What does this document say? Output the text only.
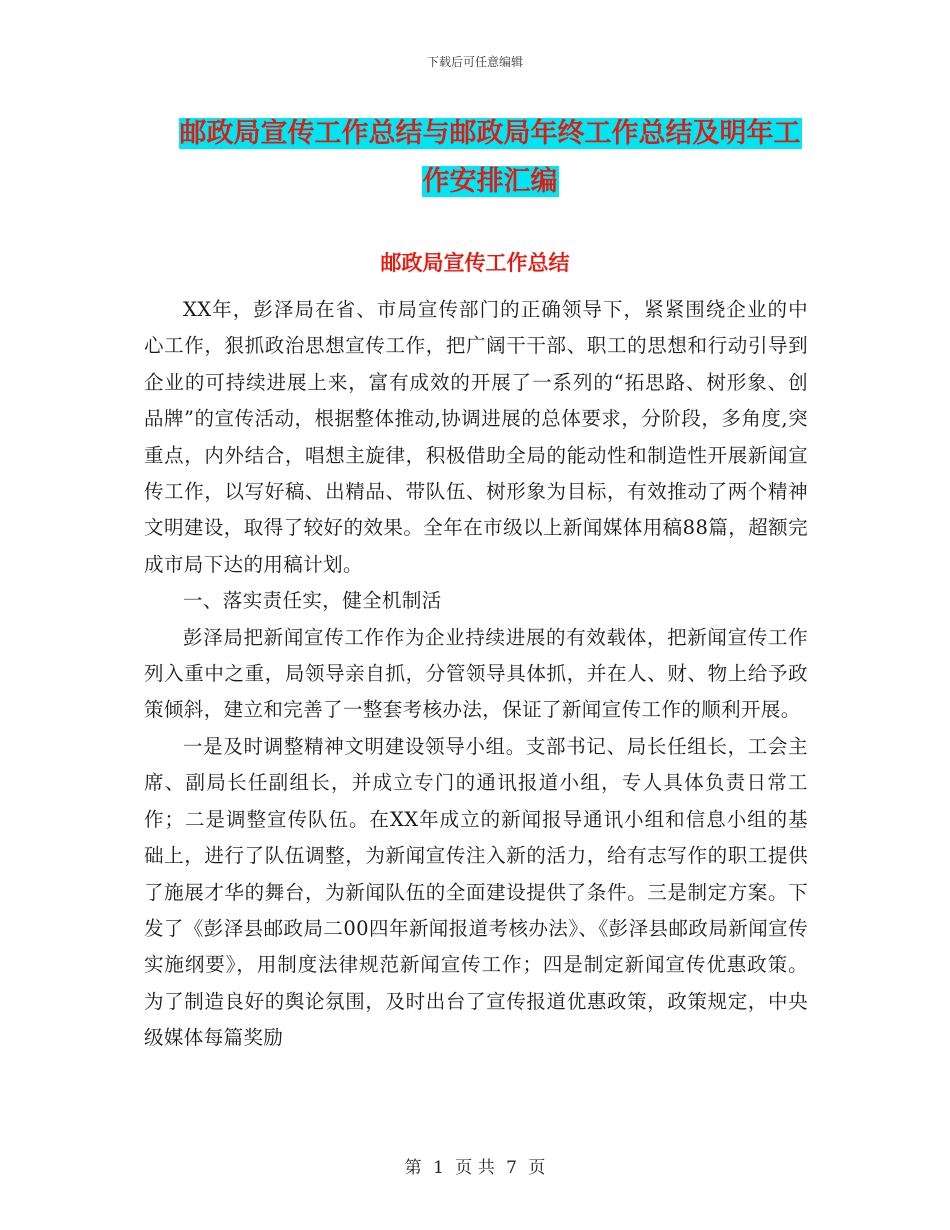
下载后可任意编辑
邮政局宣传工作总结与邮政局年终工作总结及明年工
作安排汇编
邮政局宣传工作总结

XX年，彭泽局在省、市局宣传部门的正确领导下，紧紧围绕企业的中心工作，狠抓政治思想宣传工作，把广阔干干部、职工的思想和行动引导到企业的可持续进展上来，富有成效的开展了一系列的“拓思路、树形象、创品牌”的宣传活动，根据整体推动,协调进展的总体要求，分阶段，多角度,突重点，内外结合，唱想主旋律，积极借助全局的能动性和制造性开展新闻宣传工作，以写好稿、出精品、带队伍、树形象为目标，有效推动了两个精神文明建设，取得了较好的效果。全年在市级以上新闻媒体用稿88篇，超额完成市局下达的用稿计划。

一、落实责任实，健全机制活

彭泽局把新闻宣传工作作为企业持续进展的有效载体，把新闻宣传工作列入重中之重，局领导亲自抓，分管领导具体抓，并在人、财、物上给予政策倾斜，建立和完善了一整套考核办法，保证了新闻宣传工作的顺利开展。

一是及时调整精神文明建设领导小组。支部书记、局长任组长，工会主席、副局长任副组长，并成立专门的通讯报道小组，专人具体负责日常工作；二是调整宣传队伍。在XX年成立的新闻报导通讯小组和信息小组的基础上，进行了队伍调整，为新闻宣传注入新的活力，给有志写作的职工提供了施展才华的舞台，为新闻队伍的全面建设提供了条件。三是制定方案。下发了《彭泽县邮政局二00四年新闻报道考核办法》、《彭泽县邮政局新闻宣传实施纲要》，用制度法律规范新闻宣传工作；四是制定新闻宣传优惠政策。为了制造良好的舆论氛围，及时出台了宣传报道优惠政策，政策规定，中央级媒体每篇奖励

第 1 页 共 7 页
